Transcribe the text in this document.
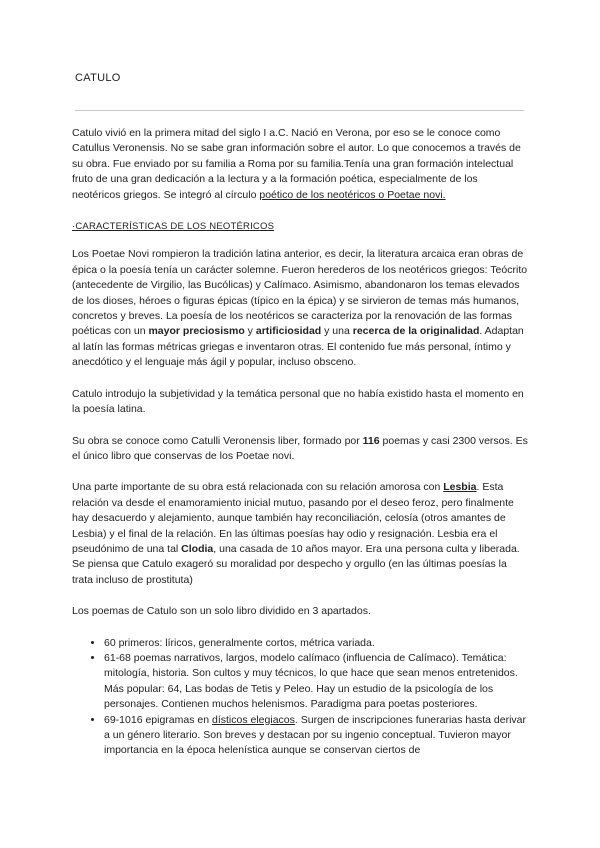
CATULO

Catulo vivió en la primera mitad del siglo I a.C. Nació en Verona, por eso se le conoce como Catullus Veronensis. No se sabe gran información sobre el autor. Lo que conocemos a través de su obra. Fue enviado por su familia a Roma por su familia.Tenía una gran formación intelectual fruto de una gran dedicación a la lectura y a la formación poética, especialmente de los neotéricos griegos. Se integró al círculo poético de los neotéricos o Poetae novi.

·CARACTERÍSTICAS DE LOS NEOTÉRICOS

Los Poetae Novi rompieron la tradición latina anterior, es decir, la literatura arcaica eran obras de épica o la poesía tenía un carácter solemne. Fueron herederos de los neotéricos griegos: Teócrito (antecedente de Virgilio, las Bucólicas) y Calímaco. Asimismo, abandonaron los temas elevados de los dioses, héroes o figuras épicas (típico en la épica) y se sirvieron de temas más humanos, concretos y breves. La poesía de los neotéricos se caracteriza por la renovación de las formas poéticas con un mayor preciosismo y artificiosidad y una recerca de la originalidad. Adaptan al latín las formas métricas griegas e inventaron otras. El contenido fue más personal, íntimo y anecdótico y el lenguaje más ágil y popular, incluso obsceno.

Catulo introdujo la subjetividad y la temática personal que no había existido hasta el momento en la poesía latina.

Su obra se conoce como Catulli Veronensis liber, formado por 116 poemas y casi 2300 versos. Es el único libro que conservas de los Poetae novi.

Una parte importante de su obra está relacionada con su relación amorosa con Lesbia. Esta relación va desde el enamoramiento inicial mutuo, pasando por el deseo feroz, pero finalmente hay desacuerdo y alejamiento, aunque también hay reconciliación, celosía (otros amantes de Lesbia) y el final de la relación. En las últimas poesías hay odio y resignación. Lesbia era el pseudónimo de una tal Clodia, una casada de 10 años mayor. Era una persona culta y liberada. Se piensa que Catulo exageró su moralidad por despecho y orgullo (en las últimas poesías la trata incluso de prostituta)

Los poemas de Catulo son un solo libro dividido en 3 apartados.

• 60 primeros: líricos, generalmente cortos, métrica variada.
• 61-68 poemas narrativos, largos, modelo calímaco (influencia de Calímaco). Temática: mitología, historia. Son cultos y muy técnicos, lo que hace que sean menos entretenidos. Más popular: 64, Las bodas de Tetis y Peleo. Hay un estudio de la psicología de los personajes. Contienen muchos helenismos. Paradigma para poetas posteriores.
• 69-1016 epigramas en dísticos elegiacos. Surgen de inscripciones funerarias hasta derivar a un género literario. Son breves y destacan por su ingenio conceptual. Tuvieron mayor importancia en la época helenística aunque se conservan ciertos de
